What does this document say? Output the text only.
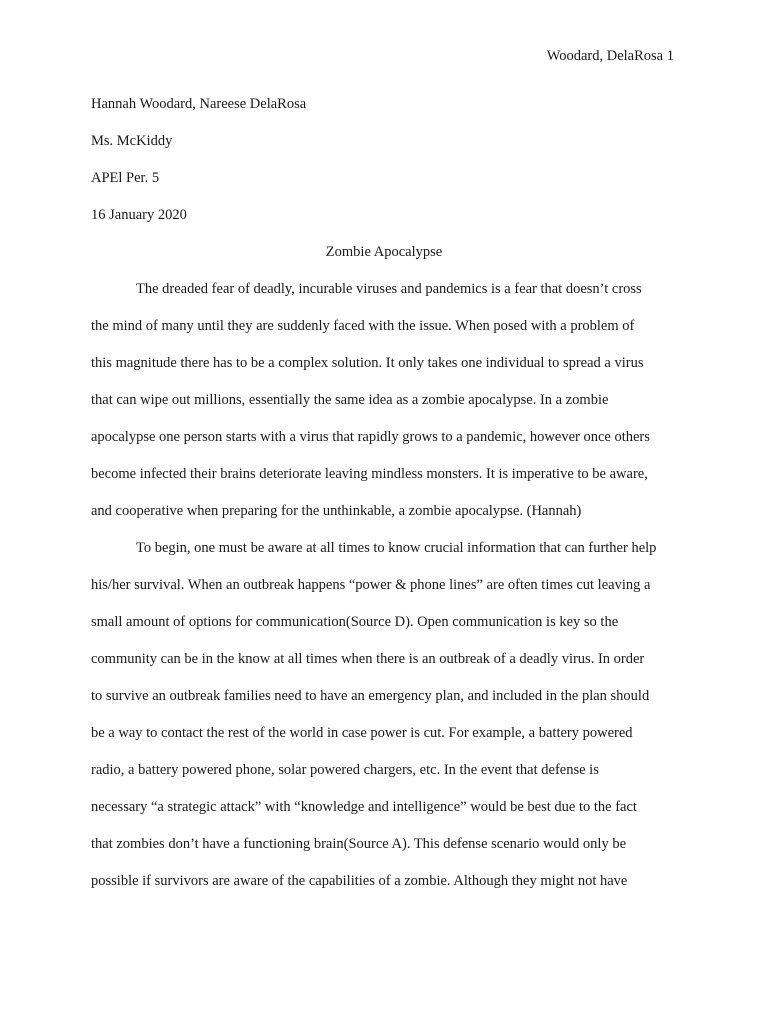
Woodard, DelaRosa 1
Hannah Woodard, Nareese DelaRosa
Ms. McKiddy
APEl Per. 5
16 January 2020
Zombie Apocalypse
The dreaded fear of deadly, incurable viruses and pandemics is a fear that doesn’t cross
the mind of many until they are suddenly faced with the issue. When posed with a problem of
this magnitude there has to be a complex solution. It only takes one individual to spread a virus
that can wipe out millions, essentially the same idea as a zombie apocalypse. In a zombie
apocalypse one person starts with a virus that rapidly grows to a pandemic, however once others
become infected their brains deteriorate leaving mindless monsters. It is imperative to be aware,
and cooperative when preparing for the unthinkable, a zombie apocalypse. (Hannah)
To begin, one must be aware at all times to know crucial information that can further help
his/her survival. When an outbreak happens “power & phone lines” are often times cut leaving a
small amount of options for communication(Source D). Open communication is key so the
community can be in the know at all times when there is an outbreak of a deadly virus. In order
to survive an outbreak families need to have an emergency plan, and included in the plan should
be a way to contact the rest of the world in case power is cut. For example, a battery powered
radio, a battery powered phone, solar powered chargers, etc. In the event that defense is
necessary “a strategic attack” with “knowledge and intelligence” would be best due to the fact
that zombies don’t have a functioning brain(Source A). This defense scenario would only be
possible if survivors are aware of the capabilities of a zombie. Although they might not have
